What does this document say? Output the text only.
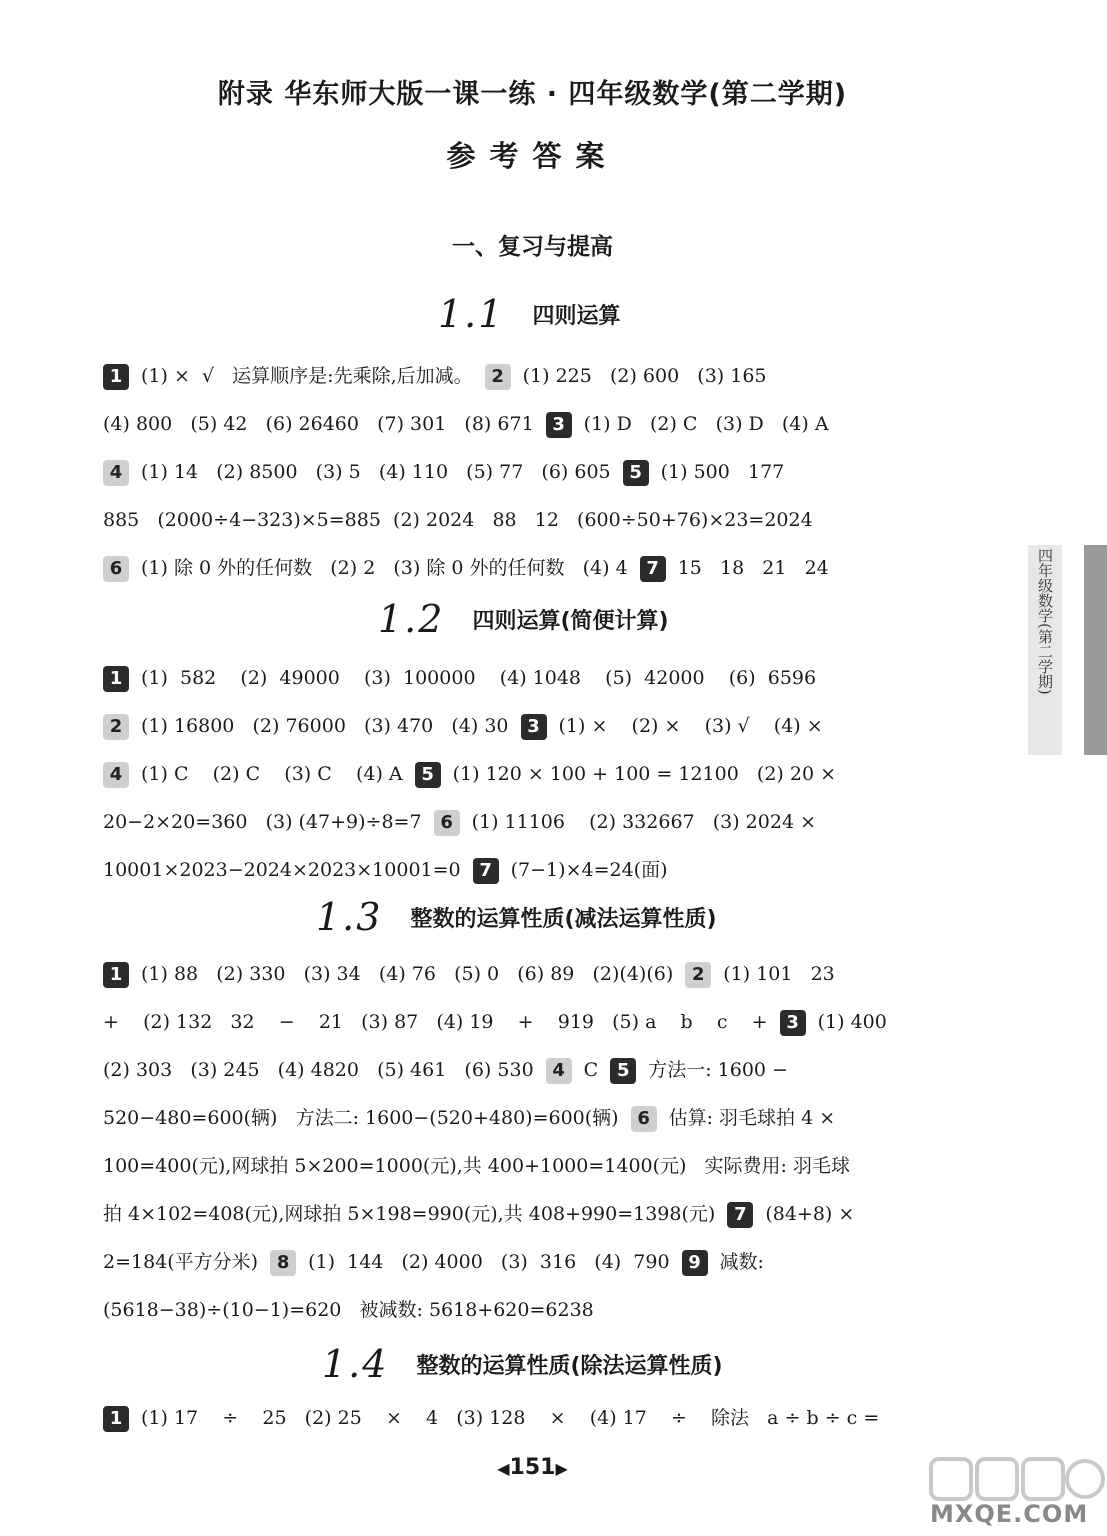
附录 华东师大版一课一练 · 四年级数学(第二学期)
参考答案
一、复习与提高
1.1 四则运算
1.2 四则运算(简便计算)
1.3 整数的运算性质(减法运算性质)
1.4 整数的运算性质(除法运算性质)
1 (1) ×  √   运算顺序是:先乘除,后加减。 2 (1) 225   (2) 600   (3) 165
(4) 800   (5) 42   (6) 26460   (7) 301   (8) 671 3 (1) D   (2) C   (3) D   (4) A
4 (1) 14   (2) 8500   (3) 5   (4) 110   (5) 77   (6) 605 5 (1) 500   177
885   (2000÷4−323)×5=885  (2) 2024   88   12   (600÷50+76)×23=2024
6 (1) 除 0 外的任何数   (2) 2   (3) 除 0 外的任何数   (4) 4 7 15   18   21   24
1 (1)  582    (2)  49000    (3)  100000    (4) 1048    (5)  42000    (6)  6596
2 (1) 16800   (2) 76000   (3) 470   (4) 30 3 (1) ×    (2) ×    (3) √    (4) ×
4 (1) C    (2) C    (3) C    (4) A 5 (1) 120 × 100 + 100 = 12100   (2) 20 ×
20−2×20=360   (3) (47+9)÷8=7 6 (1) 11106    (2) 332667   (3) 2024 ×
10001×2023−2024×2023×10001=0 7 (7−1)×4=24(面)
1 (1) 88   (2) 330   (3) 34   (4) 76   (5) 0   (6) 89   (2)(4)(6) 2 (1) 101   23
+    (2) 132   32    −    21   (3) 87   (4) 19    +    919   (5) a    b    c    + 3 (1) 400
(2) 303   (3) 245   (4) 4820   (5) 461   (6) 530 4 C 5 方法一: 1600 −
520−480=600(辆)   方法二: 1600−(520+480)=600(辆) 6 估算: 羽毛球拍 4 ×
100=400(元),网球拍 5×200=1000(元),共 400+1000=1400(元)   实际费用: 羽毛球
拍 4×102=408(元),网球拍 5×198=990(元),共 408+990=1398(元) 7 (84+8) ×
2=184(平方分米) 8 (1)  144   (2) 4000   (3)  316   (4)  790 9 减数:
(5618−38)÷(10−1)=620   被减数: 5618+620=6238
1 (1) 17    ÷    25   (2) 25    ×    4   (3) 128    ×    (4) 17    ÷    除法   a ÷ b ÷ c =
四年级数学(第二学期)
◀151▶
MXQE.COM
